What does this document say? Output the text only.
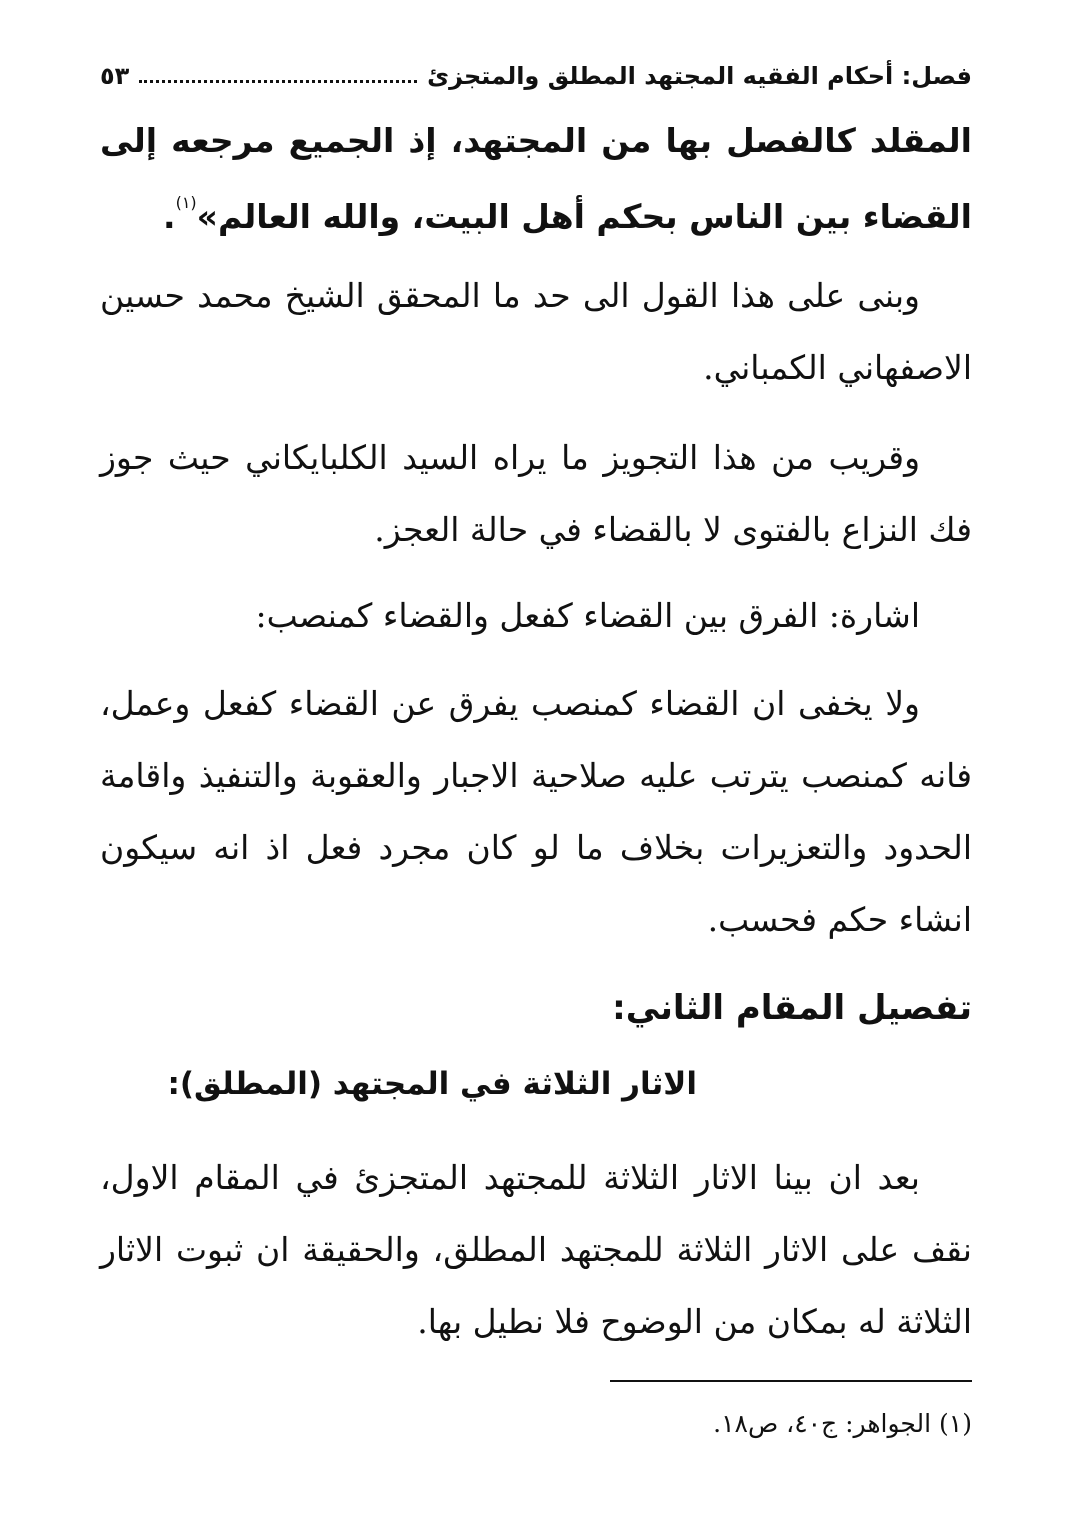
فصل: أحكام الفقيه المجتهد المطلق والمتجزئ
٥٣
المقلد كالفصل بها من المجتهد، إذ الجميع مرجعه إلى القضاء بين الناس بحكم أهل البيت، والله العالم»$^{(١)}$.
وبنى على هذا القول الى حد ما المحقق الشيخ محمد حسين الاصفهاني الكمباني.
وقريب من هذا التجويز ما يراه السيد الكلبايكاني حيث جوز فك النزاع بالفتوى لا بالقضاء في حالة العجز.
اشارة: الفرق بين القضاء كفعل والقضاء كمنصب:
ولا يخفى ان القضاء كمنصب يفرق عن القضاء كفعل وعمل، فانه كمنصب يترتب عليه صلاحية الاجبار والعقوبة والتنفيذ واقامة الحدود والتعزيرات بخلاف ما لو كان مجرد فعل اذ انه سيكون انشاء حكم فحسب.
تفصيل المقام الثاني:
الاثار الثلاثة في المجتهد (المطلق):
بعد ان بينا الاثار الثلاثة للمجتهد المتجزئ في المقام الاول، نقف على الاثار الثلاثة للمجتهد المطلق، والحقيقة ان ثبوت الاثار الثلاثة له بمكان من الوضوح فلا نطيل بها.
(١) الجواهر: ج٤٠، ص١٨.
